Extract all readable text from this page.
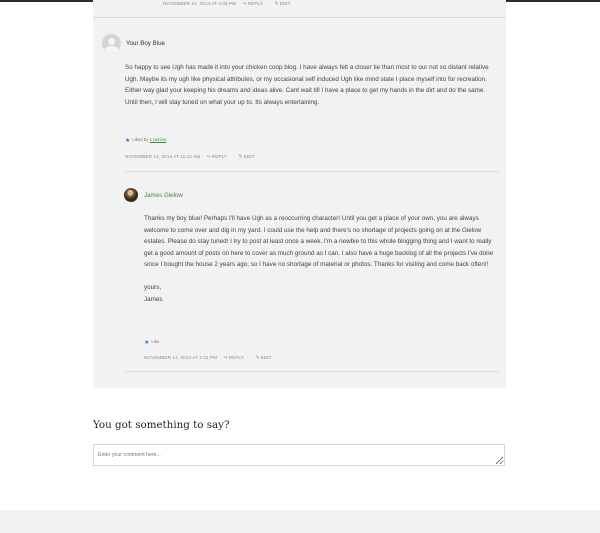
NOVEMBER 14, 2014 AT 4:03 PM ↪REPLY ✎EDIT
Your Boy Blue

So happy to see Ugh has made it into your chicken coop blog. I have always felt a closer tie than most to our not so distant relative Ugh. Maybe its my ugh like physical attributes, or my occasional self induced Ugh like mind state I place myself into for recreation. Either way glad your keeping his dreams and ideas alive. Cant wait till I have a place to get my hands in the dirt and do the same. Until then, I will stay tuned on what your up to. Its always entertaining.

★ Liked by 1 person
NOVEMBER 14, 2014 AT 11:12 AM ↪REPLY ✎EDIT
James Gielow

Thanks my boy blue! Perhaps I'll have Ugh as a reoccurring character! Until you get a place of your own, you are always welcome to come over and dig in my yard. I could use the help and there's no shortage of projects going on at the Gielow estates. Please do stay tuned! I try to post at least once a week. I'm a newbie to this whole blogging thing and I want to really get a good amount of posts on here to cover as much ground as I can. I also have a huge backlog of all the projects I've done since I bought the house 2 years ago, so I have no shortage of material or photos. Thanks for visiting and come back often!!

yours,

James

★ Like
NOVEMBER 14, 2014 AT 2:41 PM ↪REPLY ✎EDIT
You got something to say?
Enter your comment here...
